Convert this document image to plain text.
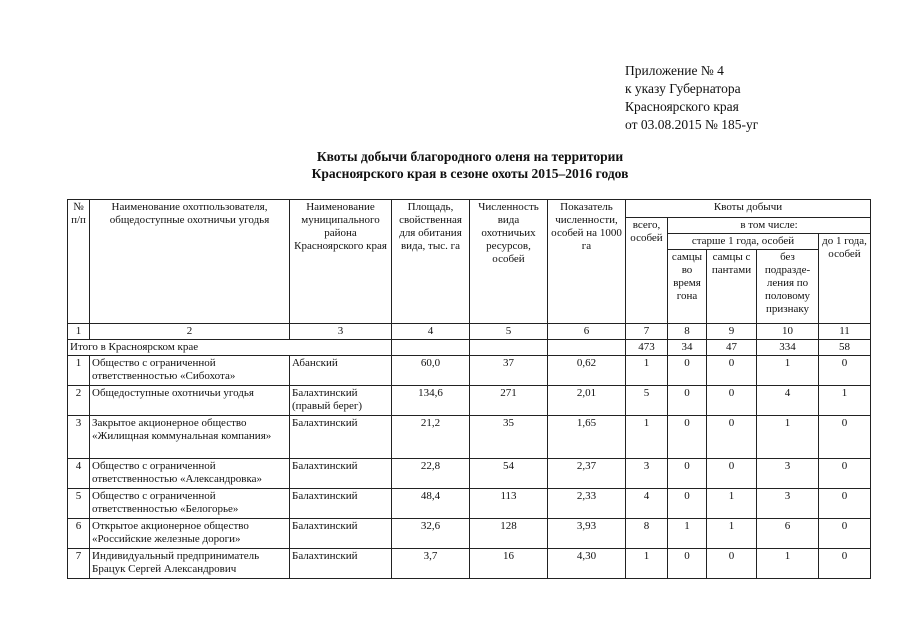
Приложение № 4
к указу Губернатора
Красноярского края
от 03.08.2015 № 185-уг
Квоты добычи благородного оленя на территории
Красноярского края в сезоне охоты 2015–2016 годов
№ п/п	Наименование охотпользователя, общедоступные охотничьи угодья	Наименование муниципального района Красноярского края	Площадь, свойственная для обитания вида, тыс. га	Численность вида охотничьих ресурсов, особей	Показатель численности, особей на 1000 га	Квоты добычи				
						всего, особей	в том числе:			
							старше 1 года, особей			до 1 года, особей
							самцы во время гона	самцы с пантами	без подразде-ления по половому признаку	
1	2	3	4	5	6	7	8	9	10	11
Итого в Красноярском крае						473	34	47	334	58
1	Общество с ограниченной ответственностью «Сибохота»	Абанский	60,0	37	0,62	1	0	0	1	0
2	Общедоступные охотничьи угодья	Балахтинский (правый берег)	134,6	271	2,01	5	0	0	4	1
3	Закрытое акционерное общество «Жилищная коммунальная компания»	Балахтинский	21,2	35	1,65	1	0	0	1	0
4	Общество с ограниченной ответственностью «Александровка»	Балахтинский	22,8	54	2,37	3	0	0	3	0
5	Общество с ограниченной ответственностью «Белогорье»	Балахтинский	48,4	113	2,33	4	0	1	3	0
6	Открытое акционерное общество «Российские железные дороги»	Балахтинский	32,6	128	3,93	8	1	1	6	0
7	Индивидуальный предприниматель Брацук Сергей Александрович	Балахтинский	3,7	16	4,30	1	0	0	1	0
